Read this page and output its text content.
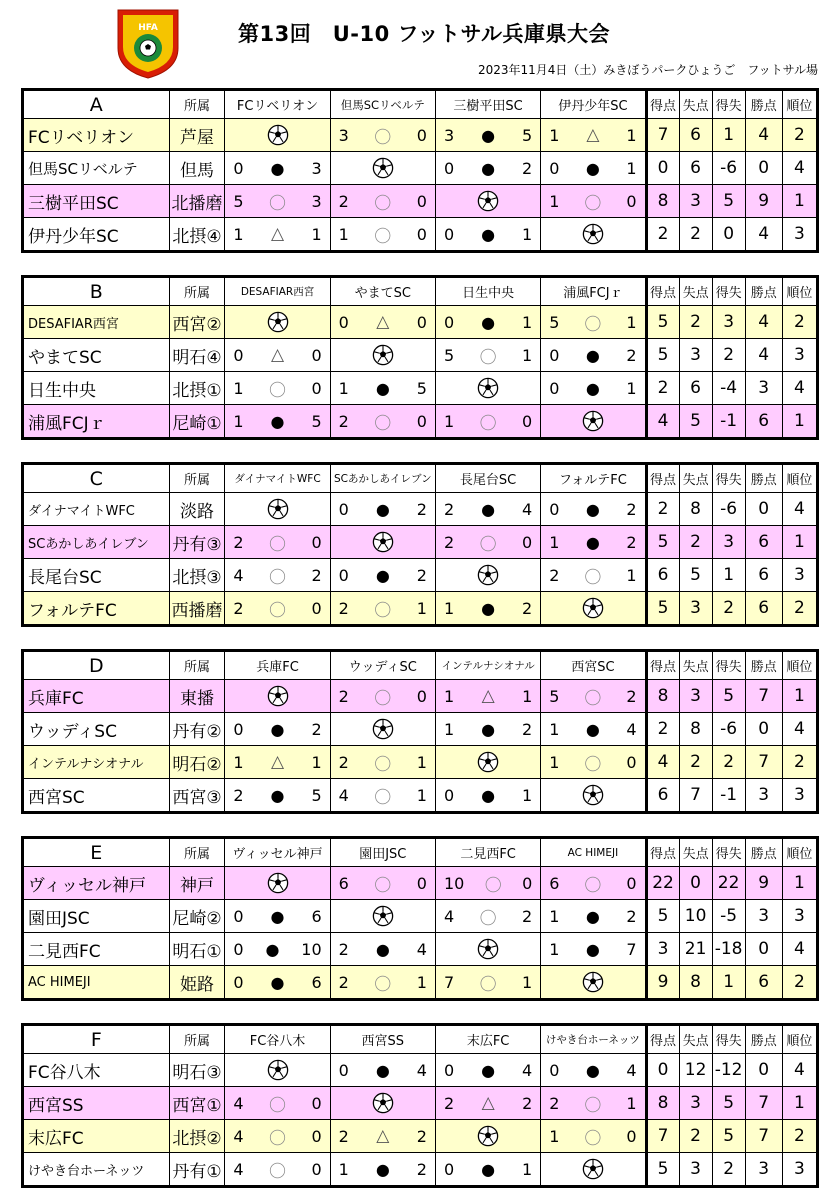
HFA	第13回　U-10 フットサル兵庫県大会
2023年11月4日（土）みきぼうパークひょうご　フットサル場
A	所属	FCリベリオン	但馬SCリベルテ	三樹平田SC	伊丹少年SC	得点	失点	得失	勝点	順位
FCリベリオン	芦屋		3 〇 0	3 ● 5	1 △ 1	7	6	1	4	2
但馬SCリベルテ	但馬	0 ● 3		0 ● 2	0 ● 1	0	6	-6	0	4
三樹平田SC	北播磨	5 〇 3	2 〇 0		1 〇 0	8	3	5	9	1
伊丹少年SC	北摂④	1 △ 1	1 〇 0	0 ● 1		2	2	0	4	3
B	所属	DESAFIAR西宮	やまてSC	日生中央	浦風FCJｒ	得点	失点	得失	勝点	順位
DESAFIAR西宮	西宮②		0 △ 0	0 ● 1	5 〇 1	5	2	3	4	2
やまてSC	明石④	0 △ 0		5 〇 1	0 ● 2	5	3	2	4	3
日生中央	北摂①	1 〇 0	1 ● 5		0 ● 1	2	6	-4	3	4
浦風FCJｒ	尼崎①	1 ● 5	2 〇 0	1 〇 0		4	5	-1	6	1
C	所属	ダイナマイトWFC	SCあかしあイレブン	長尾台SC	フォルテFC	得点	失点	得失	勝点	順位
ダイナマイトWFC	淡路		0 ● 2	2 ● 4	0 ● 2	2	8	-6	0	4
SCあかしあイレブン	丹有③	2 〇 0		2 〇 0	1 ● 2	5	2	3	6	1
長尾台SC	北摂③	4 〇 2	0 ● 2		2 〇 1	6	5	1	6	3
フォルテFC	西播磨	2 〇 0	2 〇 1	1 ● 2		5	3	2	6	2
D	所属	兵庫FC	ウッディSC	インテルナシオナル	西宮SC	得点	失点	得失	勝点	順位
兵庫FC	東播		2 〇 0	1 △ 1	5 〇 2	8	3	5	7	1
ウッディSC	丹有②	0 ● 2		1 ● 2	1 ● 4	2	8	-6	0	4
インテルナシオナル	明石②	1 △ 1	2 〇 1		1 〇 0	4	2	2	7	2
西宮SC	西宮③	2 ● 5	4 〇 1	0 ● 1		6	7	-1	3	3
E	所属	ヴィッセル神戸	園田JSC	二見西FC	AC HIMEJI	得点	失点	得失	勝点	順位
ヴィッセル神戸	神戸		6 〇 0	10 〇 0	6 〇 0	22	0	22	9	1
園田JSC	尼崎②	0 ● 6		4 〇 2	1 ● 2	5	10	-5	3	3
二見西FC	明石①	0 ● 10	2 ● 4		1 ● 7	3	21	-18	0	4
AC HIMEJI	姫路	0 ● 6	2 〇 1	7 〇 1		9	8	1	6	2
F	所属	FC谷八木	西宮SS	末広FC	けやき台ホーネッツ	得点	失点	得失	勝点	順位
FC谷八木	明石③		0 ● 4	0 ● 4	0 ● 4	0	12	-12	0	4
西宮SS	西宮①	4 〇 0		2 △ 2	2 〇 1	8	3	5	7	1
末広FC	北摂②	4 〇 0	2 △ 2		1 〇 0	7	2	5	7	2
けやき台ホーネッツ	丹有①	4 〇 0	1 ● 2	0 ● 1		5	3	2	3	3
